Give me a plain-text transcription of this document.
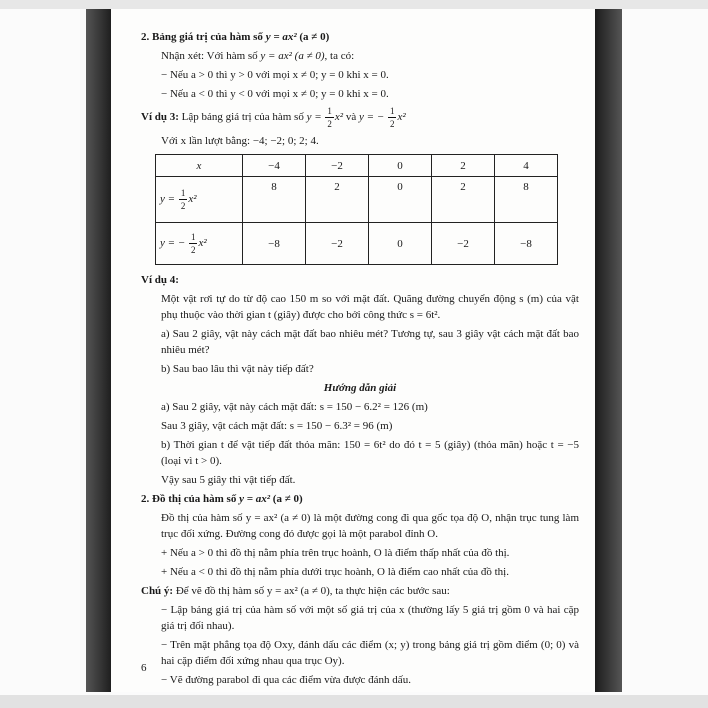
2. Bảng giá trị của hàm số y = ax² (a ≠ 0)

Nhận xét: Với hàm số y = ax² (a ≠ 0), ta có:

− Nếu a > 0 thì y > 0 với mọi x ≠ 0; y = 0 khi x = 0.

− Nếu a < 0 thì y < 0 với mọi x ≠ 0; y = 0 khi x = 0.

Ví dụ 3: Lập bảng giá trị của hàm số $y = \frac{1}{2} x^2$ và y = − $\frac{1}{2} x^2$

Với x lần lượt bằng: −4; −2; 0; 2; 4.

x	−4	−2	0	2	4
$y = \frac{1}{2} x^2$	8	2	0	2	8
y = − $\frac{1}{2} x^2$	−8	−2	0	−2	−8

Ví dụ 4:

Một vật rơi tự do từ độ cao 150 m so với mặt đất. Quãng đường chuyển động s (m) của vật phụ thuộc vào thời gian t (giây) được cho bởi công thức s = 6t².

a) Sau 2 giây, vật này cách mặt đất bao nhiêu mét? Tương tự, sau 3 giây vật cách mặt đất bao nhiêu mét?

b) Sau bao lâu thì vật này tiếp đất?

Hướng dẫn giải

a) Sau 2 giây, vật này cách mặt đất: s = 150 − 6.2² = 126 (m)

Sau 3 giây, vật cách mặt đất: s = 150 − 6.3² = 96 (m)

b) Thời gian t để vật tiếp đất thỏa mãn: 150 = 6t² do đó t = 5 (giây) (thỏa mãn) hoặc t = −5 (loại vì t > 0).

Vậy sau 5 giây thì vật tiếp đất.

2. Đồ thị của hàm số y = ax² (a ≠ 0)

Đồ thị của hàm số y = ax² (a ≠ 0) là một đường cong đi qua gốc tọa độ O, nhận trục tung làm trục đối xứng. Đường cong đó được gọi là một parabol đỉnh O.

+ Nếu a > 0 thì đồ thị nằm phía trên trục hoành, O là điểm thấp nhất của đồ thị.

+ Nếu a < 0 thì đồ thị nằm phía dưới trục hoành, O là điểm cao nhất của đồ thị.

Chú ý: Để vẽ đồ thị hàm số y = ax² (a ≠ 0), ta thực hiện các bước sau:

− Lập bảng giá trị của hàm số với một số giá trị của x (thường lấy 5 giá trị gồm 0 và hai cặp giá trị đối nhau).

− Trên mặt phẳng tọa độ Oxy, đánh dấu các điểm (x; y) trong bảng giá trị gồm điểm (0; 0) và hai cặp điểm đối xứng nhau qua trục Oy).

− Vẽ đường parabol đi qua các điểm vừa được đánh dấu.

6
